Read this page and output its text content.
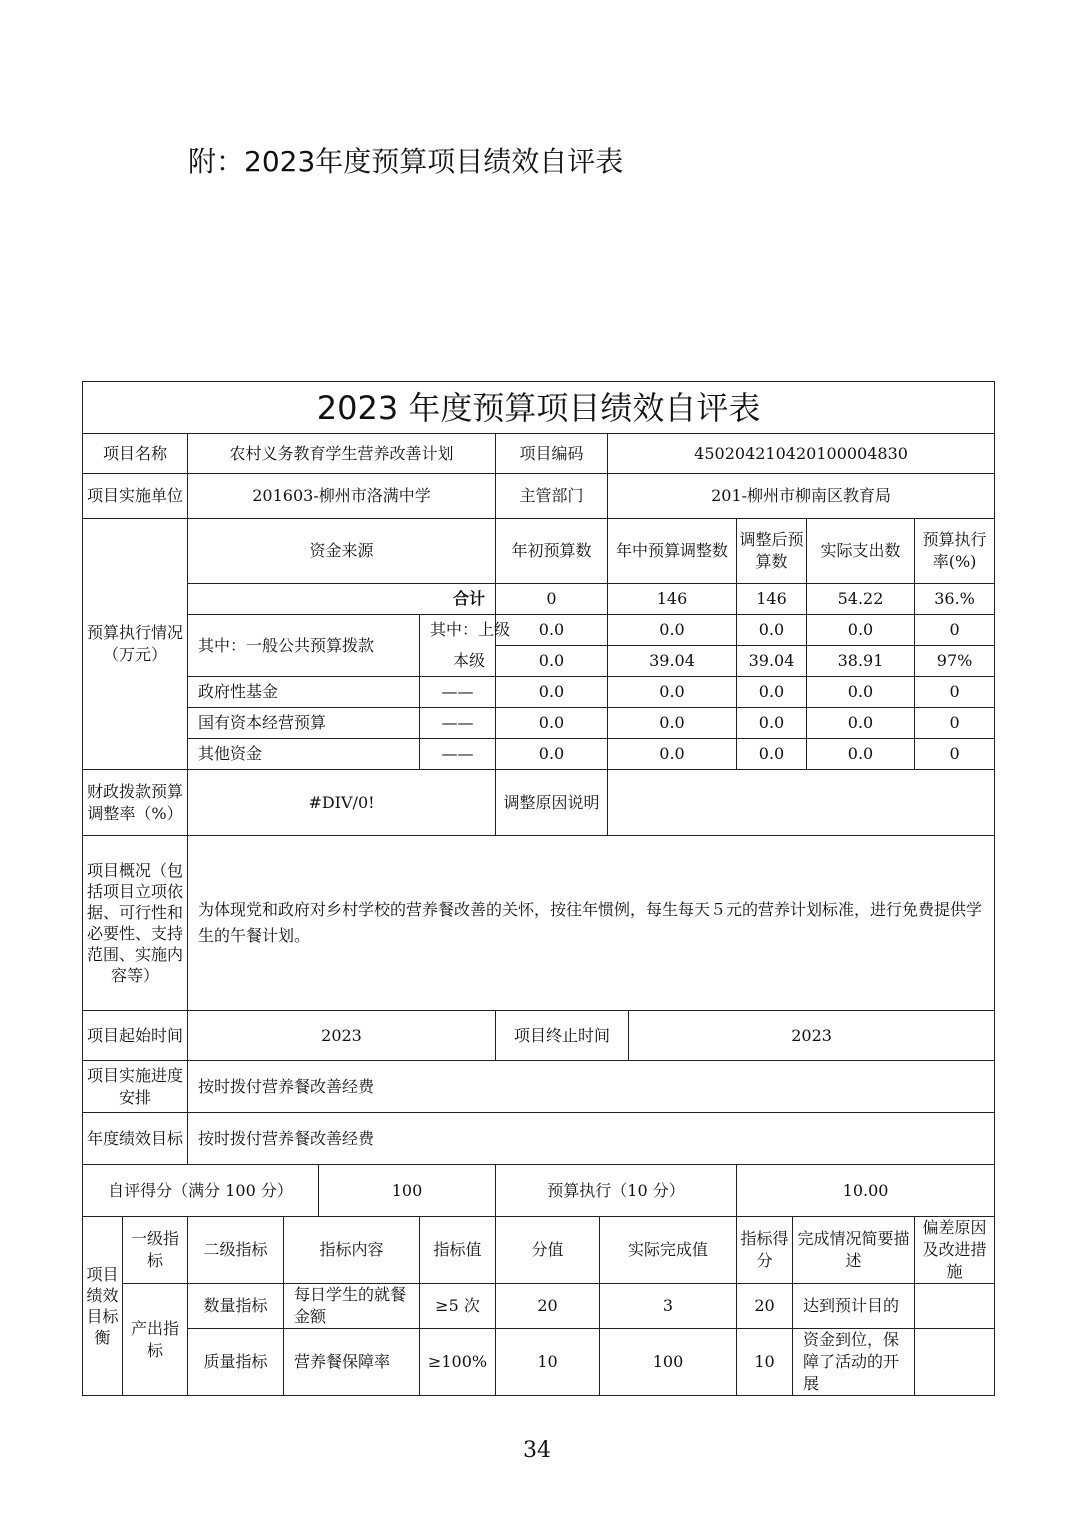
附：2023年度预算项目绩效自评表
2023 年度预算项目绩效自评表													
项目名称		农村义务教育学生营养改善计划				项目编码		450204210420100004830					
项目实施单位		201603-柳州市洛满中学				主管部门		201-柳州市柳南区教育局					
预算执行情况（万元）		资金来源				年初预算数		年中预算调整数		调整后预算数		实际支出数	预算执行率(%)
		合计				0		146		146		54.22	36.%
		其中：一般公共预算拨款			其中：上级	0.0		0.0		0.0		0.0	0
					本级	0.0		39.04		39.04		38.91	97%
		政府性基金			——	0.0		0.0		0.0		0.0	0
		国有资本经营预算			——	0.0		0.0		0.0		0.0	0
		其他资金			——	0.0		0.0		0.0		0.0	0
财政拨款预算调整率（%）		#DIV/0!				调整原因说明							
项目概况（包括项目立项依据、可行性和必要性、支持范围、实施内容等）		为体现党和政府对乡村学校的营养餐改善的关怀，按往年惯例，每生每天５元的营养计划标准，进行免费提供学生的午餐计划。											
项目起始时间		2023				项目终止时间			2023				
项目实施进度安排		按时拨付营养餐改善经费											
年度绩效目标		按时拨付营养餐改善经费											
自评得分（满分 100 分）				100		预算执行（10 分）				10.00			
项目绩效目标衡	一级指标	二级指标	指标内容		指标值	分值	实际完成值			指标得分	完成情况简要描述		偏差原因及改进措施
	产出指标	数量指标	每日学生的就餐金额		≥5 次	20	3			20	达到预计目的		
		质量指标	营养餐保障率		≥100%	10	100			10	资金到位，保障了活动的开展		
34
